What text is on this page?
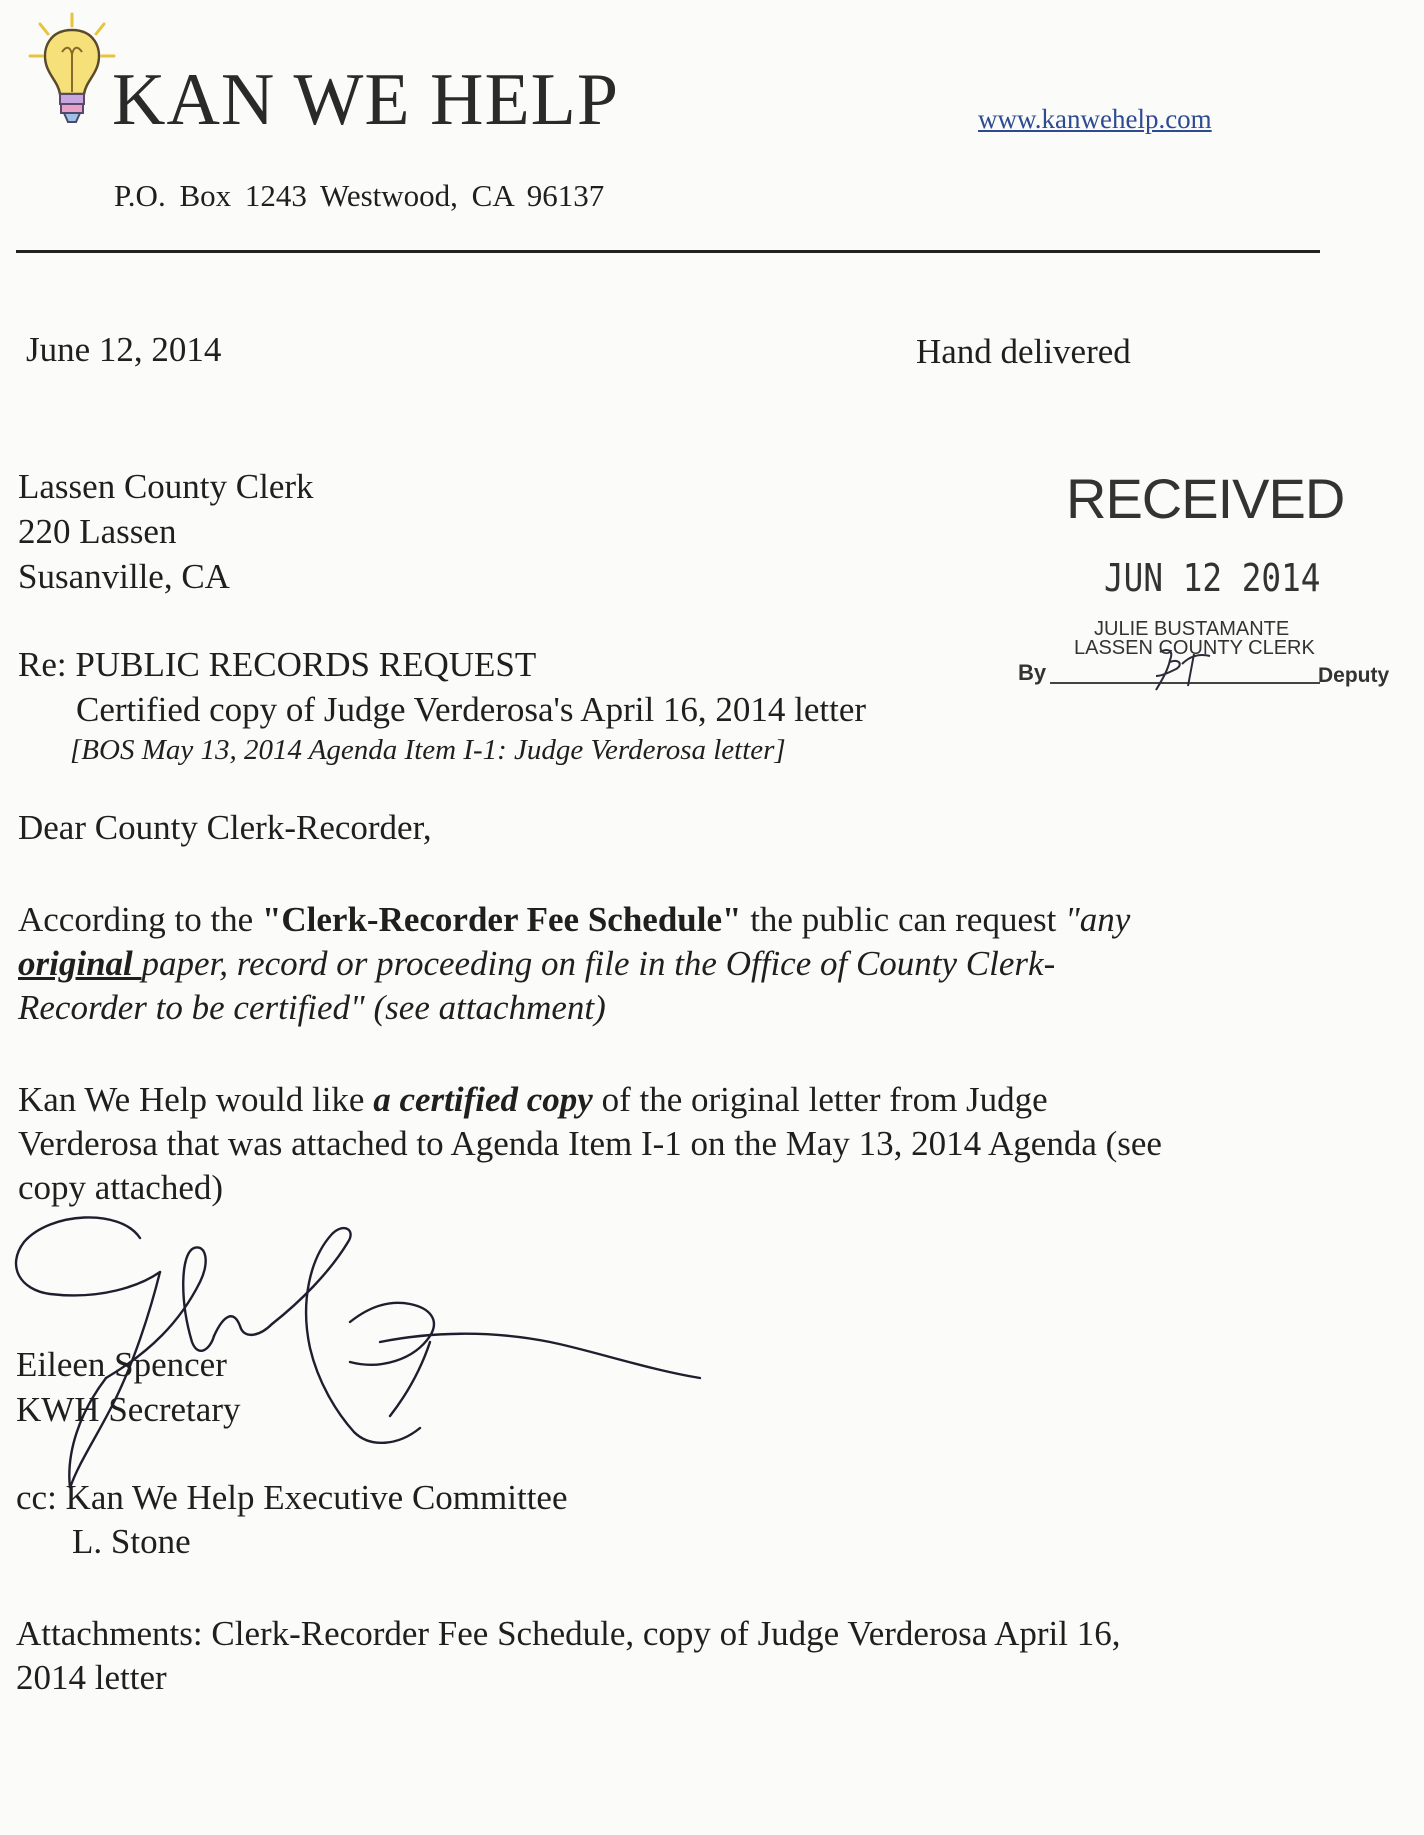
KAN WE HELP	www.kanwehelp.com
P.O. Box 1243 Westwood, CA 96137
June 12, 2014	Hand delivered
Lassen County Clerk
220 Lassen
Susanville, CA
RECEIVED
JUN 12 2014
JULIE BUSTAMANTE
LASSEN COUNTY CLERK
By	Deputy
Re: PUBLIC RECORDS REQUEST
Certified copy of Judge Verderosa's April 16, 2014 letter
[BOS May 13, 2014 Agenda Item I-1: Judge Verderosa letter]
Dear County Clerk-Recorder,
According to the "Clerk-Recorder Fee Schedule" the public can request "any
original paper, record or proceeding on file in the Office of County Clerk-
Recorder to be certified" (see attachment)
Kan We Help would like a certified copy of the original letter from Judge
Verderosa that was attached to Agenda Item I-1 on the May 13, 2014 Agenda (see
copy attached)
Eileen Spencer
KWH Secretary
cc: Kan We Help Executive Committee
L. Stone
Attachments: Clerk-Recorder Fee Schedule, copy of Judge Verderosa April 16,
2014 letter
